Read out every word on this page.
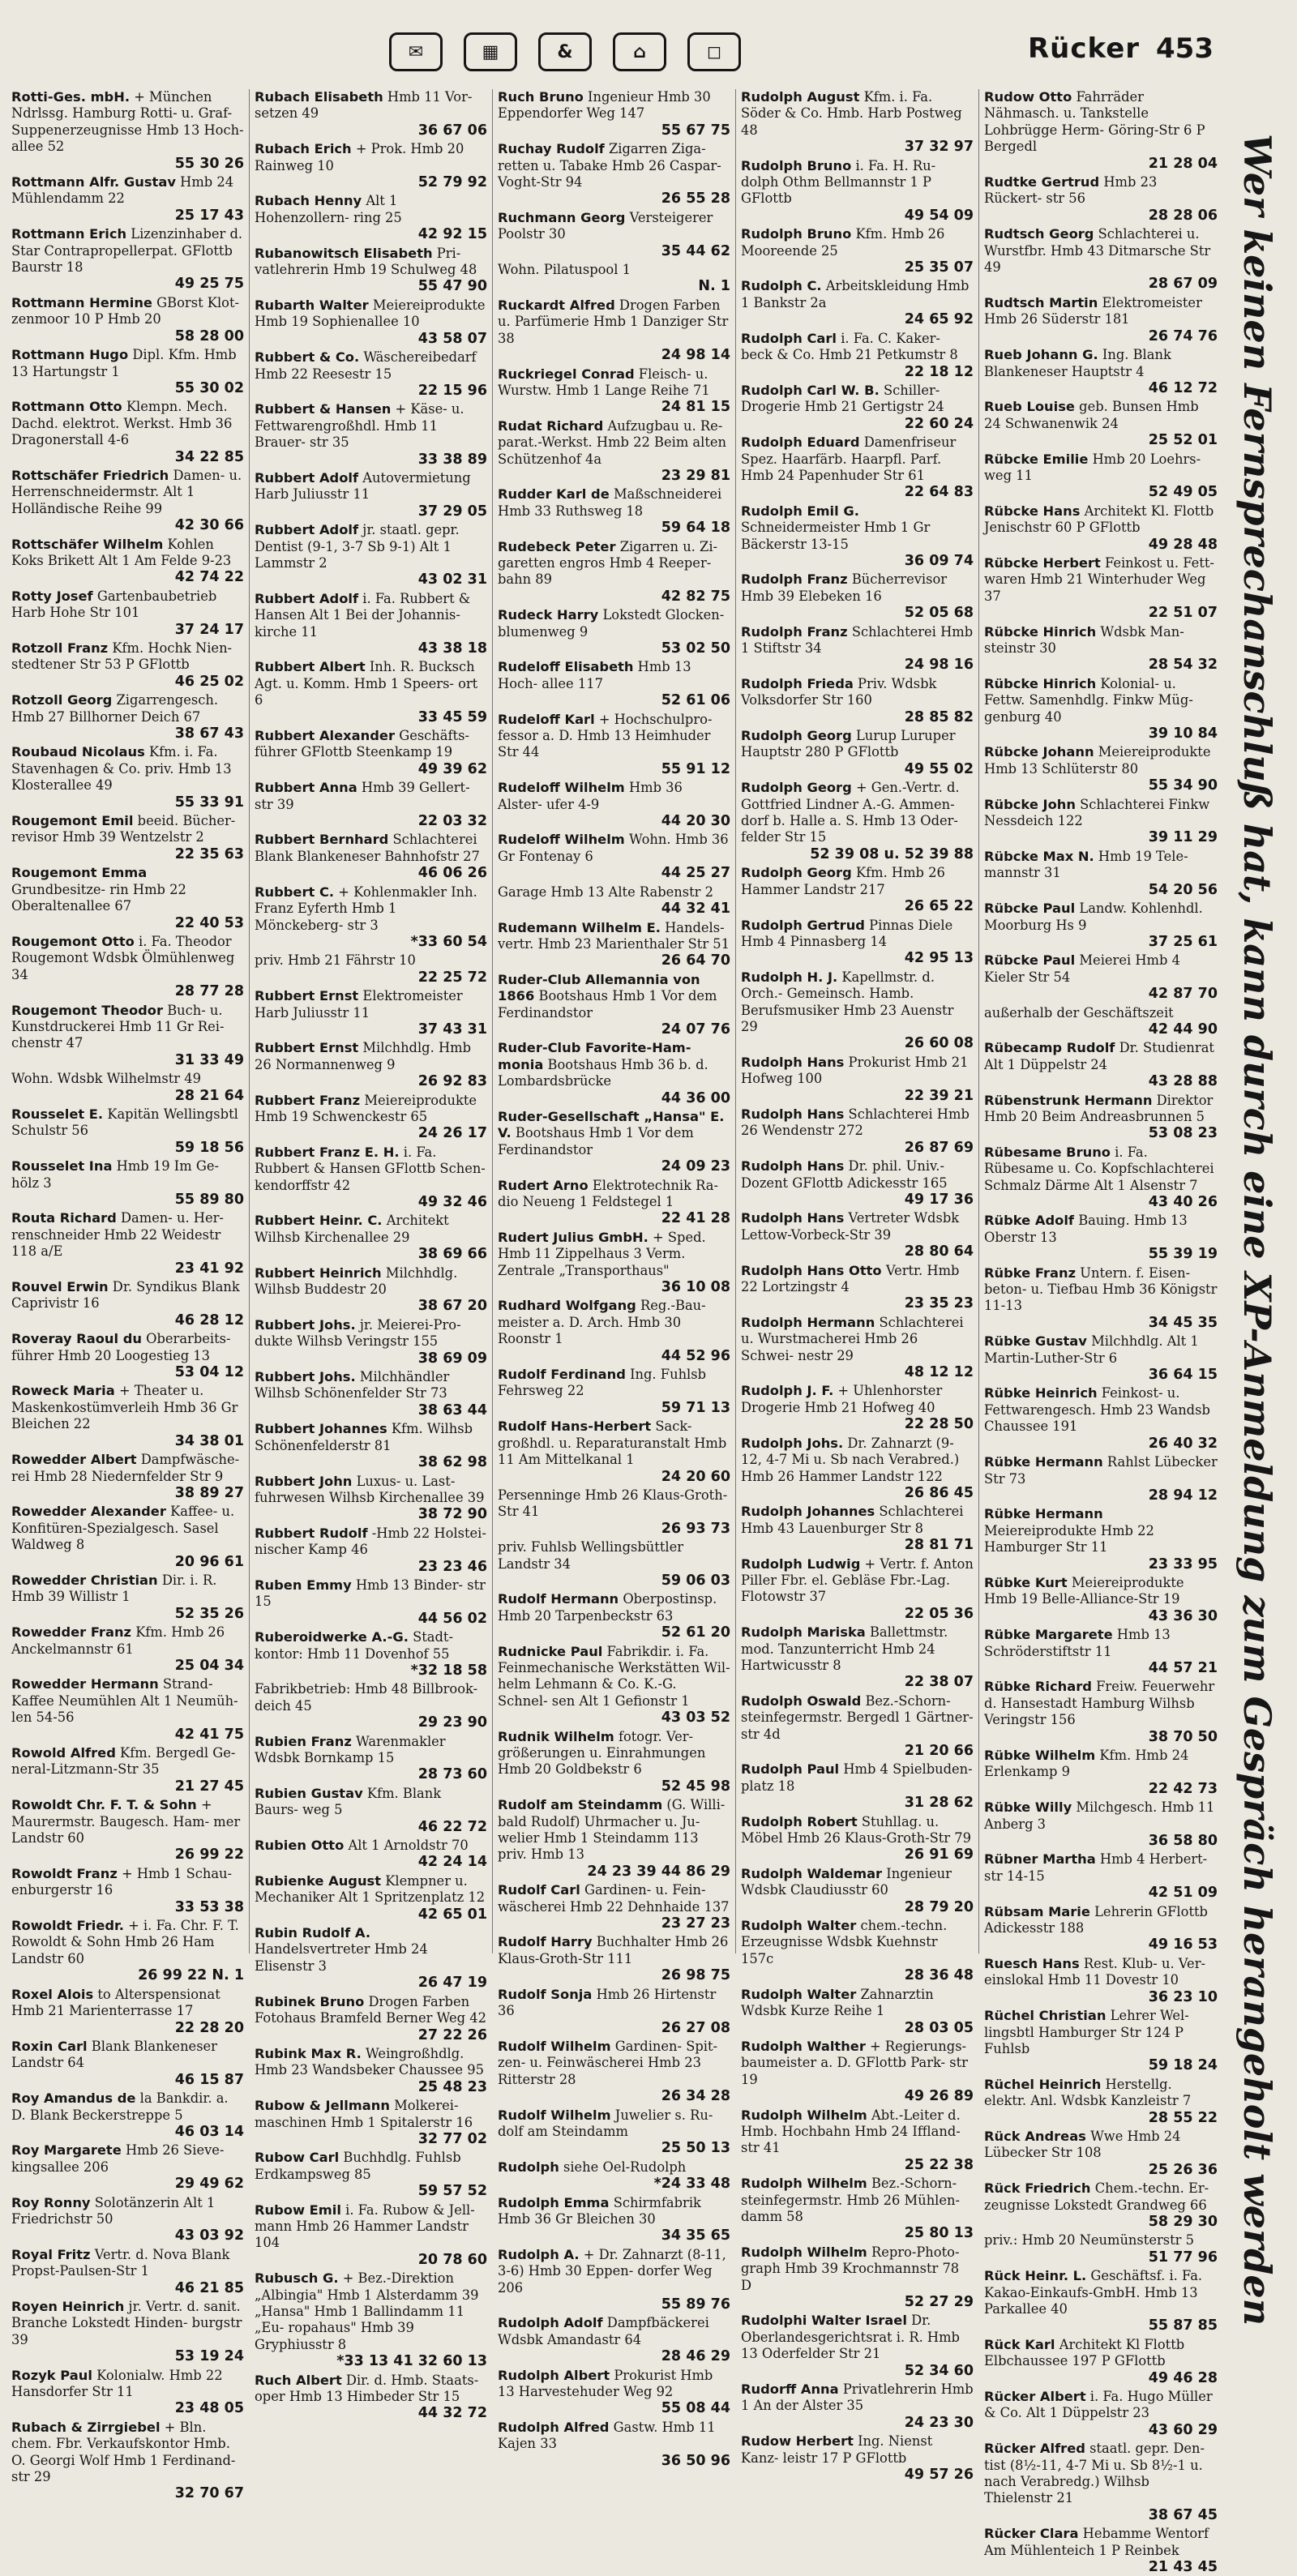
✉	▦	&	⌂	◻	Rücker 453
Rotti-Ges. mbH. + München Ndrlssg. Hamburg Rotti- u. Graf- Suppenerzeugnisse Hmb 13 Hoch- allee 52
55 30 26
Rottmann Alfr. Gustav Hmb 24 Mühlendamm 22
25 17 43
Rottmann Erich Lizenzinhaber d. Star Contrapropellerpat. GFlottb Baurstr 18
49 25 75
Rottmann Hermine GBorst Klot- zenmoor 10 P Hmb 20
58 28 00
Rottmann Hugo Dipl. Kfm. Hmb 13 Hartungstr 1
55 30 02
Rottmann Otto Klempn. Mech. Dachd. elektrot. Werkst. Hmb 36 Dragonerstall 4-6
34 22 85
Rottschäfer Friedrich Damen- u. Herrenschneidermstr. Alt 1 Holländische Reihe 99
42 30 66
Rottschäfer Wilhelm Kohlen Koks Brikett Alt 1 Am Felde 9-23
42 74 22
Rotty Josef Gartenbaubetrieb Harb Hohe Str 101
37 24 17
Rotzoll Franz Kfm. Hochk Nien- stedtener Str 53 P GFlottb
46 25 02
Rotzoll Georg Zigarrengesch. Hmb 27 Billhorner Deich 67
38 67 43
Roubaud Nicolaus Kfm. i. Fa. Stavenhagen & Co. priv. Hmb 13 Klosterallee 49
55 33 91
Rougemont Emil beeid. Bücher- revisor Hmb 39 Wentzelstr 2
22 35 63
Rougemont Emma Grundbesitze- rin Hmb 22 Oberaltenallee 67
22 40 53
Rougemont Otto i. Fa. Theodor Rougemont Wdsbk Ölmühlenweg 34
28 77 28
Rougemont Theodor Buch- u. Kunstdruckerei Hmb 11 Gr Rei- chenstr 47
31 33 49
Wohn. Wdsbk Wilhelmstr 49
28 21 64
Rousselet E. Kapitän Wellingsbtl Schulstr 56
59 18 56
Rousselet Ina Hmb 19 Im Ge- hölz 3
55 89 80
Routa Richard Damen- u. Her- renschneider Hmb 22 Weidestr 118 a/E
23 41 92
Rouvel Erwin Dr. Syndikus Blank Caprivistr 16
46 28 12
Roveray Raoul du Oberarbeits- führer Hmb 20 Loogestieg 13
53 04 12
Roweck Maria + Theater u. Maskenkostümverleih Hmb 36 Gr Bleichen 22
34 38 01
Rowedder Albert Dampfwäsche- rei Hmb 28 Niedernfelder Str 9
38 89 27
Rowedder Alexander Kaffee- u. Konfitüren-Spezialgesch. Sasel Waldweg 8
20 96 61
Rowedder Christian Dir. i. R. Hmb 39 Willistr 1
52 35 26
Rowedder Franz Kfm. Hmb 26 Anckelmannstr 61
25 04 34
Rowedder Hermann Strand- Kaffee Neumühlen Alt 1 Neumüh- len 54-56
42 41 75
Rowold Alfred Kfm. Bergedl Ge- neral-Litzmann-Str 35
21 27 45
Rowoldt Chr. F. T. & Sohn + Maurermstr. Baugesch. Ham- mer Landstr 60
26 99 22
Rowoldt Franz + Hmb 1 Schau- enburgerstr 16
33 53 38
Rowoldt Friedr. + i. Fa. Chr. F. T. Rowoldt & Sohn Hmb 26 Ham Landstr 60
26 99 22 N. 1
Roxel Alois to Alterspensionat Hmb 21 Marienterrasse 17
22 28 20
Roxin Carl Blank Blankeneser Landstr 64
46 15 87
Roy Amandus de la Bankdir. a. D. Blank Beckerstreppe 5
46 03 14
Roy Margarete Hmb 26 Sieve- kingsallee 206
29 49 62
Roy Ronny Solotänzerin Alt 1 Friedrichstr 50
43 03 92
Royal Fritz Vertr. d. Nova Blank Propst-Paulsen-Str 1
46 21 85
Royen Heinrich jr. Vertr. d. sanit. Branche Lokstedt Hinden- burgstr 39
53 19 24
Rozyk Paul Kolonialw. Hmb 22 Hansdorfer Str 11
23 48 05
Rubach & Zirrgiebel + Bln. chem. Fbr. Verkaufskontor Hmb. O. Georgi Wolf Hmb 1 Ferdinand- str 29
32 70 67
Rubach Elisabeth Hmb 11 Vor- setzen 49
36 67 06
Rubach Erich + Prok. Hmb 20 Rainweg 10
52 79 92
Rubach Henny Alt 1 Hohenzollern- ring 25
42 92 15
Rubanowitsch Elisabeth Pri- vatlehrerin Hmb 19 Schulweg 48
55 47 90
Rubarth Walter Meiereiprodukte Hmb 19 Sophienallee 10
43 58 07
Rubbert & Co. Wäschereibedarf Hmb 22 Reesestr 15
22 15 96
Rubbert & Hansen + Käse- u. Fettwarengroßhdl. Hmb 11 Brauer- str 35
33 38 89
Rubbert Adolf Autovermietung Harb Juliusstr 11
37 29 05
Rubbert Adolf jr. staatl. gepr. Dentist (9-1, 3-7 Sb 9-1) Alt 1 Lammstr 2
43 02 31
Rubbert Adolf i. Fa. Rubbert & Hansen Alt 1 Bei der Johannis- kirche 11
43 38 18
Rubbert Albert Inh. R. Bucksch Agt. u. Komm. Hmb 1 Speers- ort 6
33 45 59
Rubbert Alexander Geschäfts- führer GFlottb Steenkamp 19
49 39 62
Rubbert Anna Hmb 39 Gellert- str 39
22 03 32
Rubbert Bernhard Schlachterei Blank Blankeneser Bahnhofstr 27
46 06 26
Rubbert C. + Kohlenmakler Inh. Franz Eyferth Hmb 1 Mönckeberg- str 3
*33 60 54
priv. Hmb 21 Fährstr 10
22 25 72
Rubbert Ernst Elektromeister Harb Juliusstr 11
37 43 31
Rubbert Ernst Milchhdlg. Hmb 26 Normannenweg 9
26 92 83
Rubbert Franz Meiereiprodukte Hmb 19 Schwenckestr 65
24 26 17
Rubbert Franz E. H. i. Fa. Rubbert & Hansen GFlottb Schen- kendorffstr 42
49 32 46
Rubbert Heinr. C. Architekt Wilhsb Kirchenallee 29
38 69 66
Rubbert Heinrich Milchhdlg. Wilhsb Buddestr 20
38 67 20
Rubbert Johs. jr. Meierei-Pro- dukte Wilhsb Veringstr 155
38 69 09
Rubbert Johs. Milchhändler Wilhsb Schönenfelder Str 73
38 63 44
Rubbert Johannes Kfm. Wilhsb Schönenfelderstr 81
38 62 98
Rubbert John Luxus- u. Last- fuhrwesen Wilhsb Kirchenallee 39
38 72 90
Rubbert Rudolf -Hmb 22 Holstei- nischer Kamp 46
23 23 46
Ruben Emmy Hmb 13 Binder- str 15
44 56 02
Ruberoidwerke A.-G. Stadt- kontor: Hmb 11 Dovenhof 55
*32 18 58
Fabrikbetrieb: Hmb 48 Billbrook- deich 45
29 23 90
Rubien Franz Warenmakler Wdsbk Bornkamp 15
28 73 60
Rubien Gustav Kfm. Blank Baurs- weg 5
46 22 72
Rubien Otto Alt 1 Arnoldstr 70
42 24 14
Rubienke August Klempner u. Mechaniker Alt 1 Spritzenplatz 12
42 65 01
Rubin Rudolf A. Handelsvertreter Hmb 24 Elisenstr 3
26 47 19
Rubinek Bruno Drogen Farben Fotohaus Bramfeld Berner Weg 42
27 22 26
Rubink Max R. Weingroßhdlg. Hmb 23 Wandsbeker Chaussee 95
25 48 23
Rubow & Jellmann Molkerei- maschinen Hmb 1 Spitalerstr 16
32 77 02
Rubow Carl Buchhdlg. Fuhlsb Erdkampsweg 85
59 57 52
Rubow Emil i. Fa. Rubow & Jell- mann Hmb 26 Hammer Landstr 104
20 78 60
Rubusch G. + Bez.-Direktion „Albingia" Hmb 1 Alsterdamm 39 „Hansa" Hmb 1 Ballindamm 11 „Eu- ropahaus" Hmb 39 Gryphiusstr 8
*33 13 41 32 60 13
Ruch Albert Dir. d. Hmb. Staats- oper Hmb 13 Himbeder Str 15
44 32 72
Ruch Bruno Ingenieur Hmb 30 Eppendorfer Weg 147
55 67 75
Ruchay Rudolf Zigarren Ziga- retten u. Tabake Hmb 26 Caspar- Voght-Str 94
26 55 28
Ruchmann Georg Versteigerer Poolstr 30
35 44 62
Wohn. Pilatuspool 1
N. 1
Ruckardt Alfred Drogen Farben u. Parfümerie Hmb 1 Danziger Str 38
24 98 14
Ruckriegel Conrad Fleisch- u. Wurstw. Hmb 1 Lange Reihe 71
24 81 15
Rudat Richard Aufzugbau u. Re- parat.-Werkst. Hmb 22 Beim alten Schützenhof 4a
23 29 81
Rudder Karl de Maßschneiderei Hmb 33 Ruthsweg 18
59 64 18
Rudebeck Peter Zigarren u. Zi- garetten engros Hmb 4 Reeper- bahn 89
42 82 75
Rudeck Harry Lokstedt Glocken- blumenweg 9
53 02 50
Rudeloff Elisabeth Hmb 13 Hoch- allee 117
52 61 06
Rudeloff Karl + Hochschulpro- fessor a. D. Hmb 13 Heimhuder Str 44
55 91 12
Rudeloff Wilhelm Hmb 36 Alster- ufer 4-9
44 20 30
Rudeloff Wilhelm Wohn. Hmb 36 Gr Fontenay 6
44 25 27
Garage Hmb 13 Alte Rabenstr 2
44 32 41
Rudemann Wilhelm E. Handels- vertr. Hmb 23 Marienthaler Str 51
26 64 70
Ruder-Club Allemannia von 1866 Bootshaus Hmb 1 Vor dem Ferdinandstor
24 07 76
Ruder-Club Favorite-Ham- monia Bootshaus Hmb 36 b. d. Lombardsbrücke
44 36 00
Ruder-Gesellschaft „Hansa" E. V. Bootshaus Hmb 1 Vor dem Ferdinandstor
24 09 23
Rudert Arno Elektrotechnik Ra- dio Neueng 1 Feldstegel 1
22 41 28
Rudert Julius GmbH. + Sped. Hmb 11 Zippelhaus 3 Verm. Zentrale „Transporthaus"
36 10 08
Rudhard Wolfgang Reg.-Bau- meister a. D. Arch. Hmb 30 Roonstr 1
44 52 96
Rudolf Ferdinand Ing. Fuhlsb Fehrsweg 22
59 71 13
Rudolf Hans-Herbert Sack- großhdl. u. Reparaturanstalt Hmb 11 Am Mittelkanal 1
24 20 60
Persenninge Hmb 26 Klaus-Groth- Str 41
26 93 73
priv. Fuhlsb Wellingsbüttler Landstr 34
59 06 03
Rudolf Hermann Oberpostinsp. Hmb 20 Tarpenbeckstr 63
52 61 20
Rudnicke Paul Fabrikdir. i. Fa. Feinmechanische Werkstätten Wil- helm Lehmann & Co. K.-G. Schnel- sen Alt 1 Gefionstr 1
43 03 52
Rudnik Wilhelm fotogr. Ver- größerungen u. Einrahmungen Hmb 20 Goldbekstr 6
52 45 98
Rudolf am Steindamm (G. Willi- bald Rudolf) Uhrmacher u. Ju- welier Hmb 1 Steindamm 113 priv. Hmb 13
24 23 39 44 86 29
Rudolf Carl Gardinen- u. Fein- wäscherei Hmb 22 Dehnhaide 137
23 27 23
Rudolf Harry Buchhalter Hmb 26 Klaus-Groth-Str 111
26 98 75
Rudolf Sonja Hmb 26 Hirtenstr 36
26 27 08
Rudolf Wilhelm Gardinen- Spit- zen- u. Feinwäscherei Hmb 23 Ritterstr 28
26 34 28
Rudolf Wilhelm Juwelier s. Ru- dolf am Steindamm
25 50 13
Rudolph siehe Oel-Rudolph
*24 33 48
Rudolph Emma Schirmfabrik Hmb 36 Gr Bleichen 30
34 35 65
Rudolph A. + Dr. Zahnarzt (8-11, 3-6) Hmb 30 Eppen- dorfer Weg 206
55 89 76
Rudolph Adolf Dampfbäckerei Wdsbk Amandastr 64
28 46 29
Rudolph Albert Prokurist Hmb 13 Harvestehuder Weg 92
55 08 44
Rudolph Alfred Gastw. Hmb 11 Kajen 33
36 50 96
Rudolph August Kfm. i. Fa. Söder & Co. Hmb. Harb Postweg 48
37 32 97
Rudolph Bruno i. Fa. H. Ru- dolph Othm Bellmannstr 1 P GFlottb
49 54 09
Rudolph Bruno Kfm. Hmb 26 Mooreende 25
25 35 07
Rudolph C. Arbeitskleidung Hmb 1 Bankstr 2a
24 65 92
Rudolph Carl i. Fa. C. Kaker- beck & Co. Hmb 21 Petkumstr 8
22 18 12
Rudolph Carl W. B. Schiller- Drogerie Hmb 21 Gertigstr 24
22 60 24
Rudolph Eduard Damenfriseur Spez. Haarfärb. Haarpfl. Parf. Hmb 24 Papenhuder Str 61
22 64 83
Rudolph Emil G. Schneidermeister Hmb 1 Gr Bäckerstr 13-15
36 09 74
Rudolph Franz Bücherrevisor Hmb 39 Elebeken 16
52 05 68
Rudolph Franz Schlachterei Hmb 1 Stiftstr 34
24 98 16
Rudolph Frieda Priv. Wdsbk Volksdorfer Str 160
28 85 82
Rudolph Georg Lurup Luruper Hauptstr 280 P GFlottb
49 55 02
Rudolph Georg + Gen.-Vertr. d. Gottfried Lindner A.-G. Ammen- dorf b. Halle a. S. Hmb 13 Oder- felder Str 15
52 39 08 u. 52 39 88
Rudolph Georg Kfm. Hmb 26 Hammer Landstr 217
26 65 22
Rudolph Gertrud Pinnas Diele Hmb 4 Pinnasberg 14
42 95 13
Rudolph H. J. Kapellmstr. d. Orch.- Gemeinsch. Hamb. Berufsmusiker Hmb 23 Auenstr 29
26 60 08
Rudolph Hans Prokurist Hmb 21 Hofweg 100
22 39 21
Rudolph Hans Schlachterei Hmb 26 Wendenstr 272
26 87 69
Rudolph Hans Dr. phil. Univ.- Dozent GFlottb Adickesstr 165
49 17 36
Rudolph Hans Vertreter Wdsbk Lettow-Vorbeck-Str 39
28 80 64
Rudolph Hans Otto Vertr. Hmb 22 Lortzingstr 4
23 35 23
Rudolph Hermann Schlachterei u. Wurstmacherei Hmb 26 Schwei- nestr 29
48 12 12
Rudolph J. F. + Uhlenhorster Drogerie Hmb 21 Hofweg 40
22 28 50
Rudolph Johs. Dr. Zahnarzt (9-12, 4-7 Mi u. Sb nach Verabred.) Hmb 26 Hammer Landstr 122
26 86 45
Rudolph Johannes Schlachterei Hmb 43 Lauenburger Str 8
28 81 71
Rudolph Ludwig + Vertr. f. Anton Piller Fbr. el. Gebläse Fbr.-Lag. Flotowstr 37
22 05 36
Rudolph Mariska Ballettmstr. mod. Tanzunterricht Hmb 24 Hartwicusstr 8
22 38 07
Rudolph Oswald Bez.-Schorn- steinfegermstr. Bergedl 1 Gärtner- str 4d
21 20 66
Rudolph Paul Hmb 4 Spielbuden- platz 18
31 28 62
Rudolph Robert Stuhllag. u. Möbel Hmb 26 Klaus-Groth-Str 79
26 91 69
Rudolph Waldemar Ingenieur Wdsbk Claudiusstr 60
28 79 20
Rudolph Walter chem.-techn. Erzeugnisse Wdsbk Kuehnstr 157c
28 36 48
Rudolph Walter Zahnarztin Wdsbk Kurze Reihe 1
28 03 05
Rudolph Walther + Regierungs- baumeister a. D. GFlottb Park- str 19
49 26 89
Rudolph Wilhelm Abt.-Leiter d. Hmb. Hochbahn Hmb 24 Iffland- str 41
25 22 38
Rudolph Wilhelm Bez.-Schorn- steinfegermstr. Hmb 26 Mühlen- damm 58
25 80 13
Rudolph Wilhelm Repro-Photo- graph Hmb 39 Krochmannstr 78 D
52 27 29
Rudolphi Walter Israel Dr. Oberlandesgerichtsrat i. R. Hmb 13 Oderfelder Str 21
52 34 60
Rudorff Anna Privatlehrerin Hmb 1 An der Alster 35
24 23 30
Rudow Herbert Ing. Nienst Kanz- leistr 17 P GFlottb
49 57 26
Rudow Otto Fahrräder Nähmasch. u. Tankstelle Lohbrügge Herm- Göring-Str 6 P Bergedl
21 28 04
Rudtke Gertrud Hmb 23 Rückert- str 56
28 28 06
Rudtsch Georg Schlachterei u. Wurstfbr. Hmb 43 Ditmarsche Str 49
28 67 09
Rudtsch Martin Elektromeister Hmb 26 Süderstr 181
26 74 76
Rueb Johann G. Ing. Blank Blankeneser Hauptstr 4
46 12 72
Rueb Louise geb. Bunsen Hmb 24 Schwanenwik 24
25 52 01
Rübcke Emilie Hmb 20 Loehrs- weg 11
52 49 05
Rübcke Hans Architekt Kl. Flottb Jenischstr 60 P GFlottb
49 28 48
Rübcke Herbert Feinkost u. Fett- waren Hmb 21 Winterhuder Weg 37
22 51 07
Rübcke Hinrich Wdsbk Man- steinstr 30
28 54 32
Rübcke Hinrich Kolonial- u. Fettw. Samenhdlg. Finkw Müg- genburg 40
39 10 84
Rübcke Johann Meiereiprodukte Hmb 13 Schlüterstr 80
55 34 90
Rübcke John Schlachterei Finkw Nessdeich 122
39 11 29
Rübcke Max N. Hmb 19 Tele- mannstr 31
54 20 56
Rübcke Paul Landw. Kohlenhdl. Moorburg Hs 9
37 25 61
Rübcke Paul Meierei Hmb 4 Kieler Str 54
42 87 70
außerhalb der Geschäftszeit
42 44 90
Rübecamp Rudolf Dr. Studienrat Alt 1 Düppelstr 24
43 28 88
Rübenstrunk Hermann Direktor Hmb 20 Beim Andreasbrunnen 5
53 08 23
Rübesame Bruno i. Fa. Rübesame u. Co. Kopfschlachterei Schmalz Därme Alt 1 Alsenstr 7
43 40 26
Rübke Adolf Bauing. Hmb 13 Oberstr 13
55 39 19
Rübke Franz Untern. f. Eisen- beton- u. Tiefbau Hmb 36 Königstr 11-13
34 45 35
Rübke Gustav Milchhdlg. Alt 1 Martin-Luther-Str 6
36 64 15
Rübke Heinrich Feinkost- u. Fettwarengesch. Hmb 23 Wandsb Chaussee 191
26 40 32
Rübke Hermann Rahlst Lübecker Str 73
28 94 12
Rübke Hermann Meiereiprodukte Hmb 22 Hamburger Str 11
23 33 95
Rübke Kurt Meiereiprodukte Hmb 19 Belle-Alliance-Str 19
43 36 30
Rübke Margarete Hmb 13 Schröderstiftstr 11
44 57 21
Rübke Richard Freiw. Feuerwehr d. Hansestadt Hamburg Wilhsb Veringstr 156
38 70 50
Rübke Wilhelm Kfm. Hmb 24 Erlenkamp 9
22 42 73
Rübke Willy Milchgesch. Hmb 11 Anberg 3
36 58 80
Rübner Martha Hmb 4 Herbert- str 14-15
42 51 09
Rübsam Marie Lehrerin GFlottb Adickesstr 188
49 16 53
Ruesch Hans Rest. Klub- u. Ver- einslokal Hmb 11 Dovestr 10
36 23 10
Rüchel Christian Lehrer Wel- lingsbtl Hamburger Str 124 P Fuhlsb
59 18 24
Rüchel Heinrich Herstellg. elektr. Anl. Wdsbk Kanzleistr 7
28 55 22
Rück Andreas Wwe Hmb 24 Lübecker Str 108
25 26 36
Rück Friedrich Chem.-techn. Er- zeugnisse Lokstedt Grandweg 66
58 29 30
priv.: Hmb 20 Neumünsterstr 5
51 77 96
Rück Heinr. L. Geschäftsf. i. Fa. Kakao-Einkaufs-GmbH. Hmb 13 Parkallee 40
55 87 85
Rück Karl Architekt Kl Flottb Elbchaussee 197 P GFlottb
49 46 28
Rücker Albert i. Fa. Hugo Müller & Co. Alt 1 Düppelstr 23
43 60 29
Rücker Alfred staatl. gepr. Den- tist (8½-11, 4-7 Mi u. Sb 8½-1 u. nach Verabredg.) Wilhsb Thielenstr 21
38 67 45
Rücker Clara Hebamme Wentorf Am Mühlenteich 1 P Reinbek
21 43 45
Wer keinen Fernsprechanschluß hat, kann durch eine XP-Anmeldung zum Gespräch herangeholt werden
